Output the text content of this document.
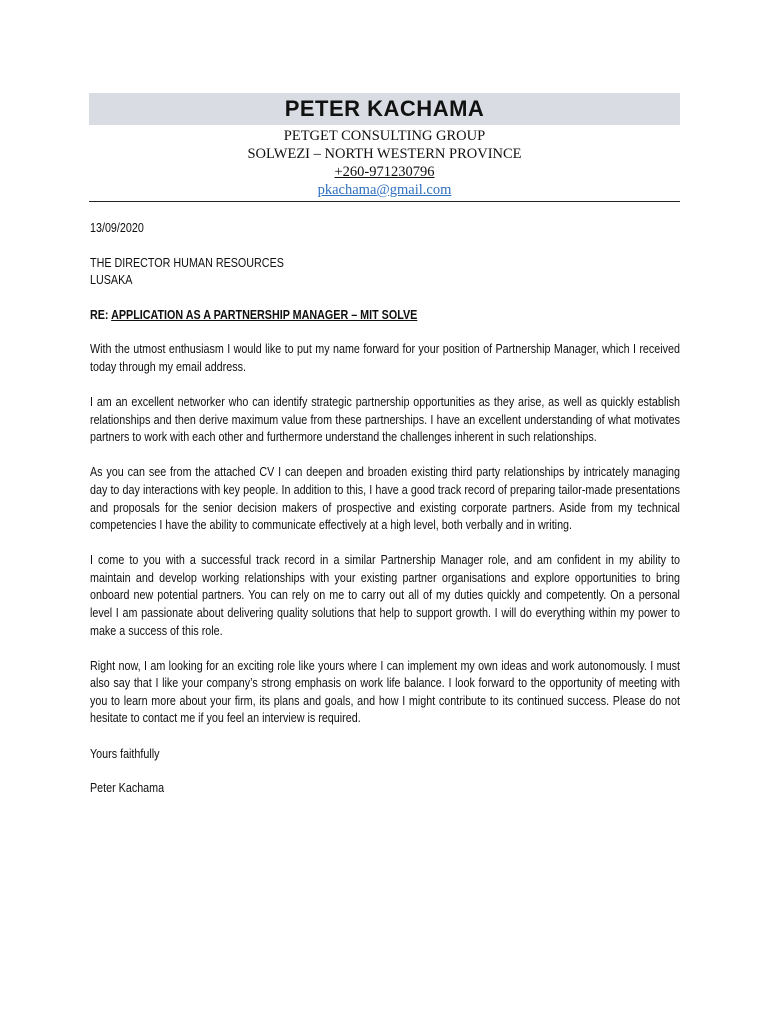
PETER KACHAMA
PETGET CONSULTING GROUP
SOLWEZI – NORTH WESTERN PROVINCE
+260-971230796
pkachama@gmail.com

13/09/2020

THE DIRECTOR HUMAN RESOURCES

LUSAKA

RE: APPLICATION AS A PARTNERSHIP MANAGER – MIT SOLVE

With the utmost enthusiasm I would like to put my name forward for your position of Partnership Manager, which I received today through my email address.

I am an excellent networker who can identify strategic partnership opportunities as they arise, as well as quickly establish relationships and then derive maximum value from these partnerships. I have an excellent understanding of what motivates partners to work with each other and furthermore understand the challenges inherent in such relationships.

As you can see from the attached CV I can deepen and broaden existing third party relationships by intricately managing day to day interactions with key people. In addition to this, I have a good track record of preparing tailor-made presentations and proposals for the senior decision makers of prospective and existing corporate partners. Aside from my technical competencies I have the ability to communicate effectively at a high level, both verbally and in writing.

I come to you with a successful track record in a similar Partnership Manager role, and am confident in my ability to maintain and develop working relationships with your existing partner organisations and explore opportunities to bring onboard new potential partners. You can rely on me to carry out all of my duties quickly and competently. On a personal level I am passionate about delivering quality solutions that help to support growth. I will do everything within my power to make a success of this role.

Right now, I am looking for an exciting role like yours where I can implement my own ideas and work autonomously. I must also say that I like your company’s strong emphasis on work life balance. I look forward to the opportunity of meeting with you to learn more about your firm, its plans and goals, and how I might contribute to its continued success. Please do not hesitate to contact me if you feel an interview is required.

Yours faithfully

Peter Kachama
